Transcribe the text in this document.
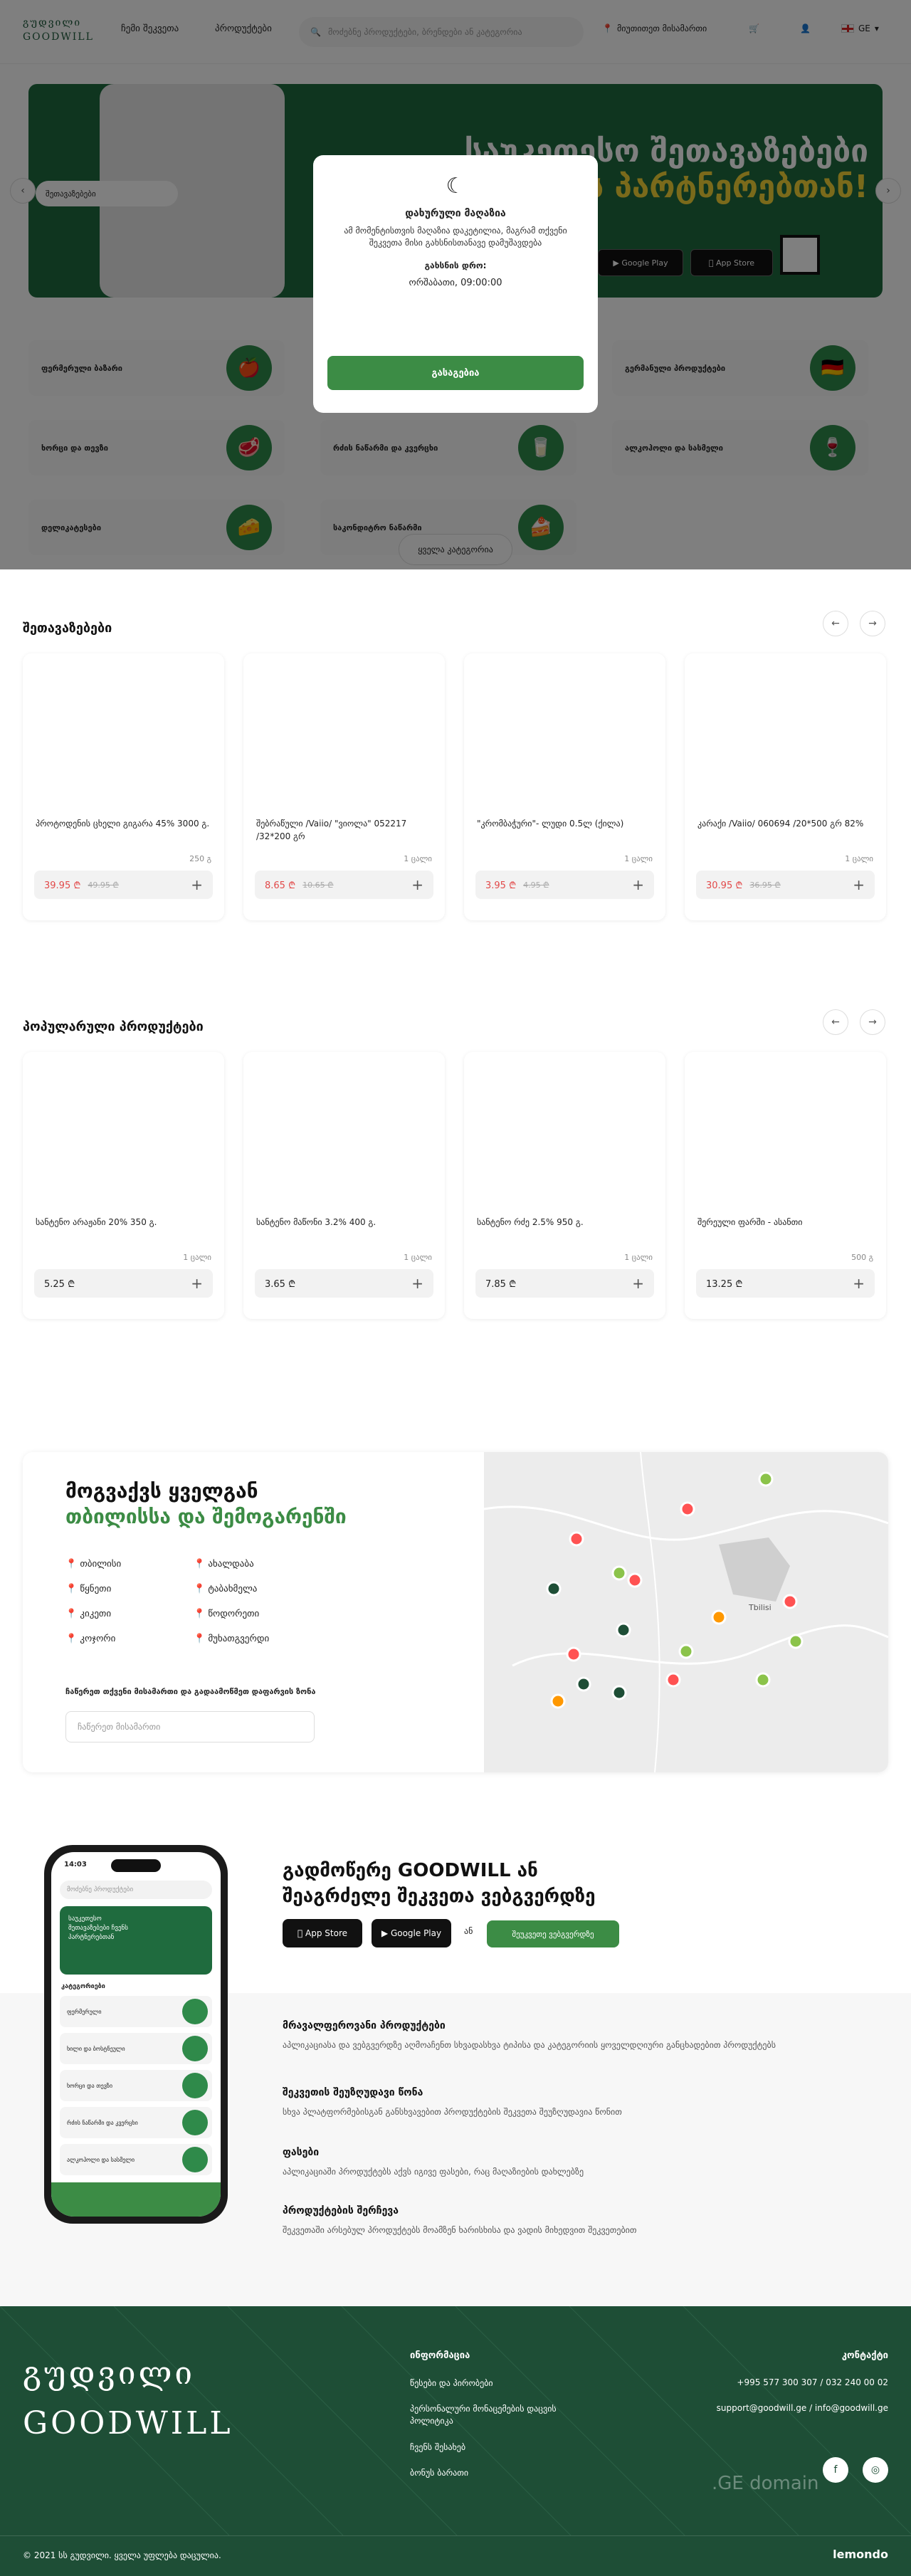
☾
დახურული მაღაზია
ამ მომენტისთვის მაღაზია დაკეტილია, მაგრამ თქვენი შეკვეთა მისი გახსნისთანავე დამუშავდება
გახსნის დრო:
ორშაბათი, 09:00:00
გასაგებია
შეთავაზებები	←	→
პროტოდენის ცხელი გიგარა 45% 3000 გ.
250 გ
39.95 ₾ 49.95 ₾	+
შებრაწული /Vaiio/ "ვიოლა" 052217 /32*200 გრ
1 ცალი
8.65 ₾ 10.65 ₾	+
"კრომბაჭური"- ლუდი 0.5ლ (ქილა)
1 ცალი
3.95 ₾ 4.95 ₾	+
კარაქი /Vaiio/ 060694 /20*500 გრ 82%
1 ცალი
30.95 ₾ 36.95 ₾	+
პოპულარული პროდუქტები	←	→
სანტენო არაჟანი 20% 350 გ.
1 ცალი
5.25 ₾	+
სანტენო მაწონი 3.2% 400 გ.
1 ცალი
3.65 ₾	+
სანტენო რძე 2.5% 950 გ.
1 ცალი
7.85 ₾	+
შერეული ფარში - ასანთი
500 გ
13.25 ₾	+
მოგვაქვს ყველგან
თბილისსა და შემოგარენში
📍 თბილისი
📍 წყნეთი
📍 კიკეთი
📍 კოჯორი
📍 ახალდაბა
📍 ტაბახმელა
📍 წოდორეთი
📍 მუხათგვერდი
ჩაწერეთ თქვენი მისამართი და გადაამოწმეთ დაფარვის ზონა
ჩაწერეთ მისამართი
Tbilisi
14:03
მოძებნე პროდუქტები
საუკეთესო შეთავაზებები ჩვენს პარტნერებთან
კატეგორიები
ფერმერული
ხილი და ბოსტნეული
ხორცი და თევზი
რძის ნაწარმი და კვერცხი
ალკოჰოლი და სასმელი
გადმოწერე GOODWILL ან
შეაგრძელე შეკვეთა ვებგვერდზე
App Store	▶ Google Play	ან	შეუკვეთე ვებგვერდზე
მრავალფეროვანი პროდუქტები
აპლიკაციასა და ვებგვერდზე აღმოაჩენთ სხვადასხვა ტიპისა და კატეგორიის ყოველდღიური განცხადებით პროდუქტებს
შეკვეთის შეუზღუდავი წონა
სხვა პლატფორმებისგან განსხვავებით პროდუქტების შეკვეთა შეუზღუდავია წონით
ფასები
აპლიკაციაში პროდუქტებს აქვს იგივე ფასები, რაც მაღაზიების დახლებზე
პროდუქტების შერჩევა
შეკვეთაში არსებულ პროდუქტებს მოამზენ ხარისხისა და ვადის მიხედვით შეკვეთებით
გუდვილი
GOODWILL
ინფორმაცია
წესები და პირობები
პერსონალური მონაცემების დაცვის პოლიტიკა
ჩვენს შესახებ
ბონუს ბარათი
კონტაქტი
+995 577 300 307 / 032 240 00 02
support@goodwill.ge / info@goodwill.ge
.GE domain
f	◎
© 2021 სს გუდვილი. ყველა უფლება დაცულია.	lemondo
